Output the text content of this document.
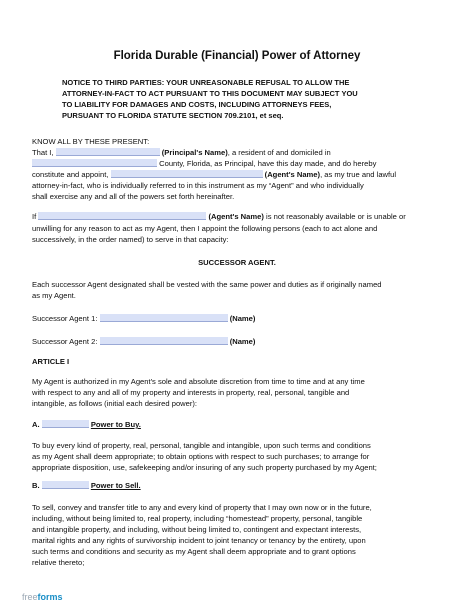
Florida Durable (Financial) Power of Attorney
NOTICE TO THIRD PARTIES: YOUR UNREASONABLE REFUSAL TO ALLOW THE
ATTORNEY-IN-FACT TO ACT PURSUANT TO THIS DOCUMENT MAY SUBJECT YOU
TO LIABILITY FOR DAMAGES AND COSTS, INCLUDING ATTORNEYS FEES,
PURSUANT TO FLORIDA STATUTE SECTION 709.2101, et seq.
KNOW ALL BY THESE PRESENT:
That I,	(Principal's Name), a resident of and domiciled in
County, Florida, as Principal, have this day made, and do hereby
constitute and appoint,	(Agent's Name), as my true and lawful
attorney-in-fact, who is individually referred to in this instrument as my “Agent” and who individually
shall exercise any and all of the powers set forth hereinafter.
If	(Agent's Name) is not reasonably available or is unable or
unwilling for any reason to act as my Agent, then I appoint the following persons (each to act alone and
successively, in the order named) to serve in that capacity:
SUCCESSOR AGENT.
Each successor Agent designated shall be vested with the same power and duties as if originally named
as my Agent.
Successor Agent 1:	(Name)
Successor Agent 2:	(Name)
ARTICLE I
My Agent is authorized in my Agent's sole and absolute discretion from time to time and at any time
with respect to any and all of my property and interests in property, real, personal, tangible and
intangible, as follows (initial each desired power):
A.	Power to Buy.
To buy every kind of property, real, personal, tangible and intangible, upon such terms and conditions
as my Agent shall deem appropriate; to obtain options with respect to such purchases; to arrange for
appropriate disposition, use, safekeeping and/or insuring of any such property purchased by my Agent;
B.	Power to Sell.
To sell, convey and transfer title to any and every kind of property that I may own now or in the future,
including, without being limited to, real property, including “homestead” property, personal, tangible
and intangible property, and including, without being limited to, contingent and expectant interests,
marital rights and any rights of survivorship incident to joint tenancy or tenancy by the entirety, upon
such terms and conditions and security as my Agent shall deem appropriate and to grant options
relative thereto;
freeforms
